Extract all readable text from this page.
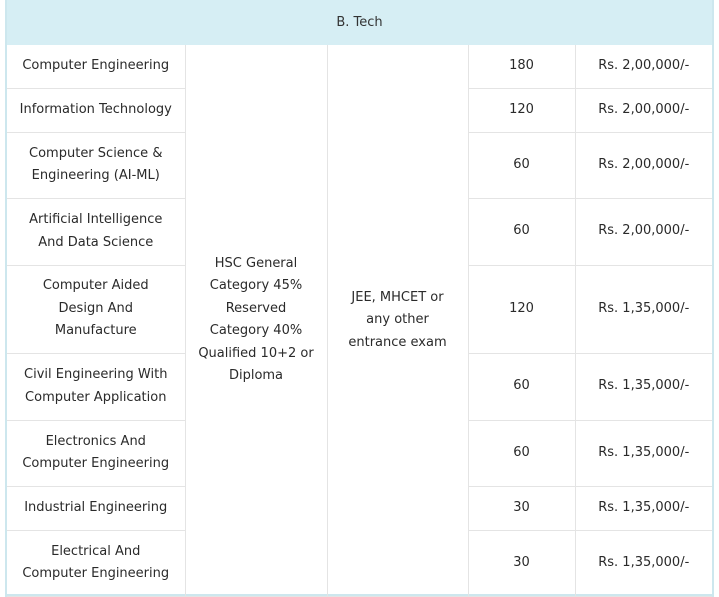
B. Tech				
Computer Engineering	HSC General Category 45% Reserved Category 40% Qualified 10+2 or Diploma	JEE, MHCET or any other entrance exam	180	Rs. 2,00,000/-
Information Technology			120	Rs. 2,00,000/-

Computer Science & Engineering (AI-ML)			60	Rs. 2,00,000/-

Artificial Intelligence And Data Science			60	Rs. 2,00,000/-

Computer Aided Design And Manufacture			120	Rs. 1,35,000/-

Civil Engineering With Computer Application			60	Rs. 1,35,000/-

Electronics And Computer Engineering			60	Rs. 1,35,000/-
Industrial Engineering			30	Rs. 1,35,000/-

Electrical And Computer Engineering			30	Rs. 1,35,000/-
